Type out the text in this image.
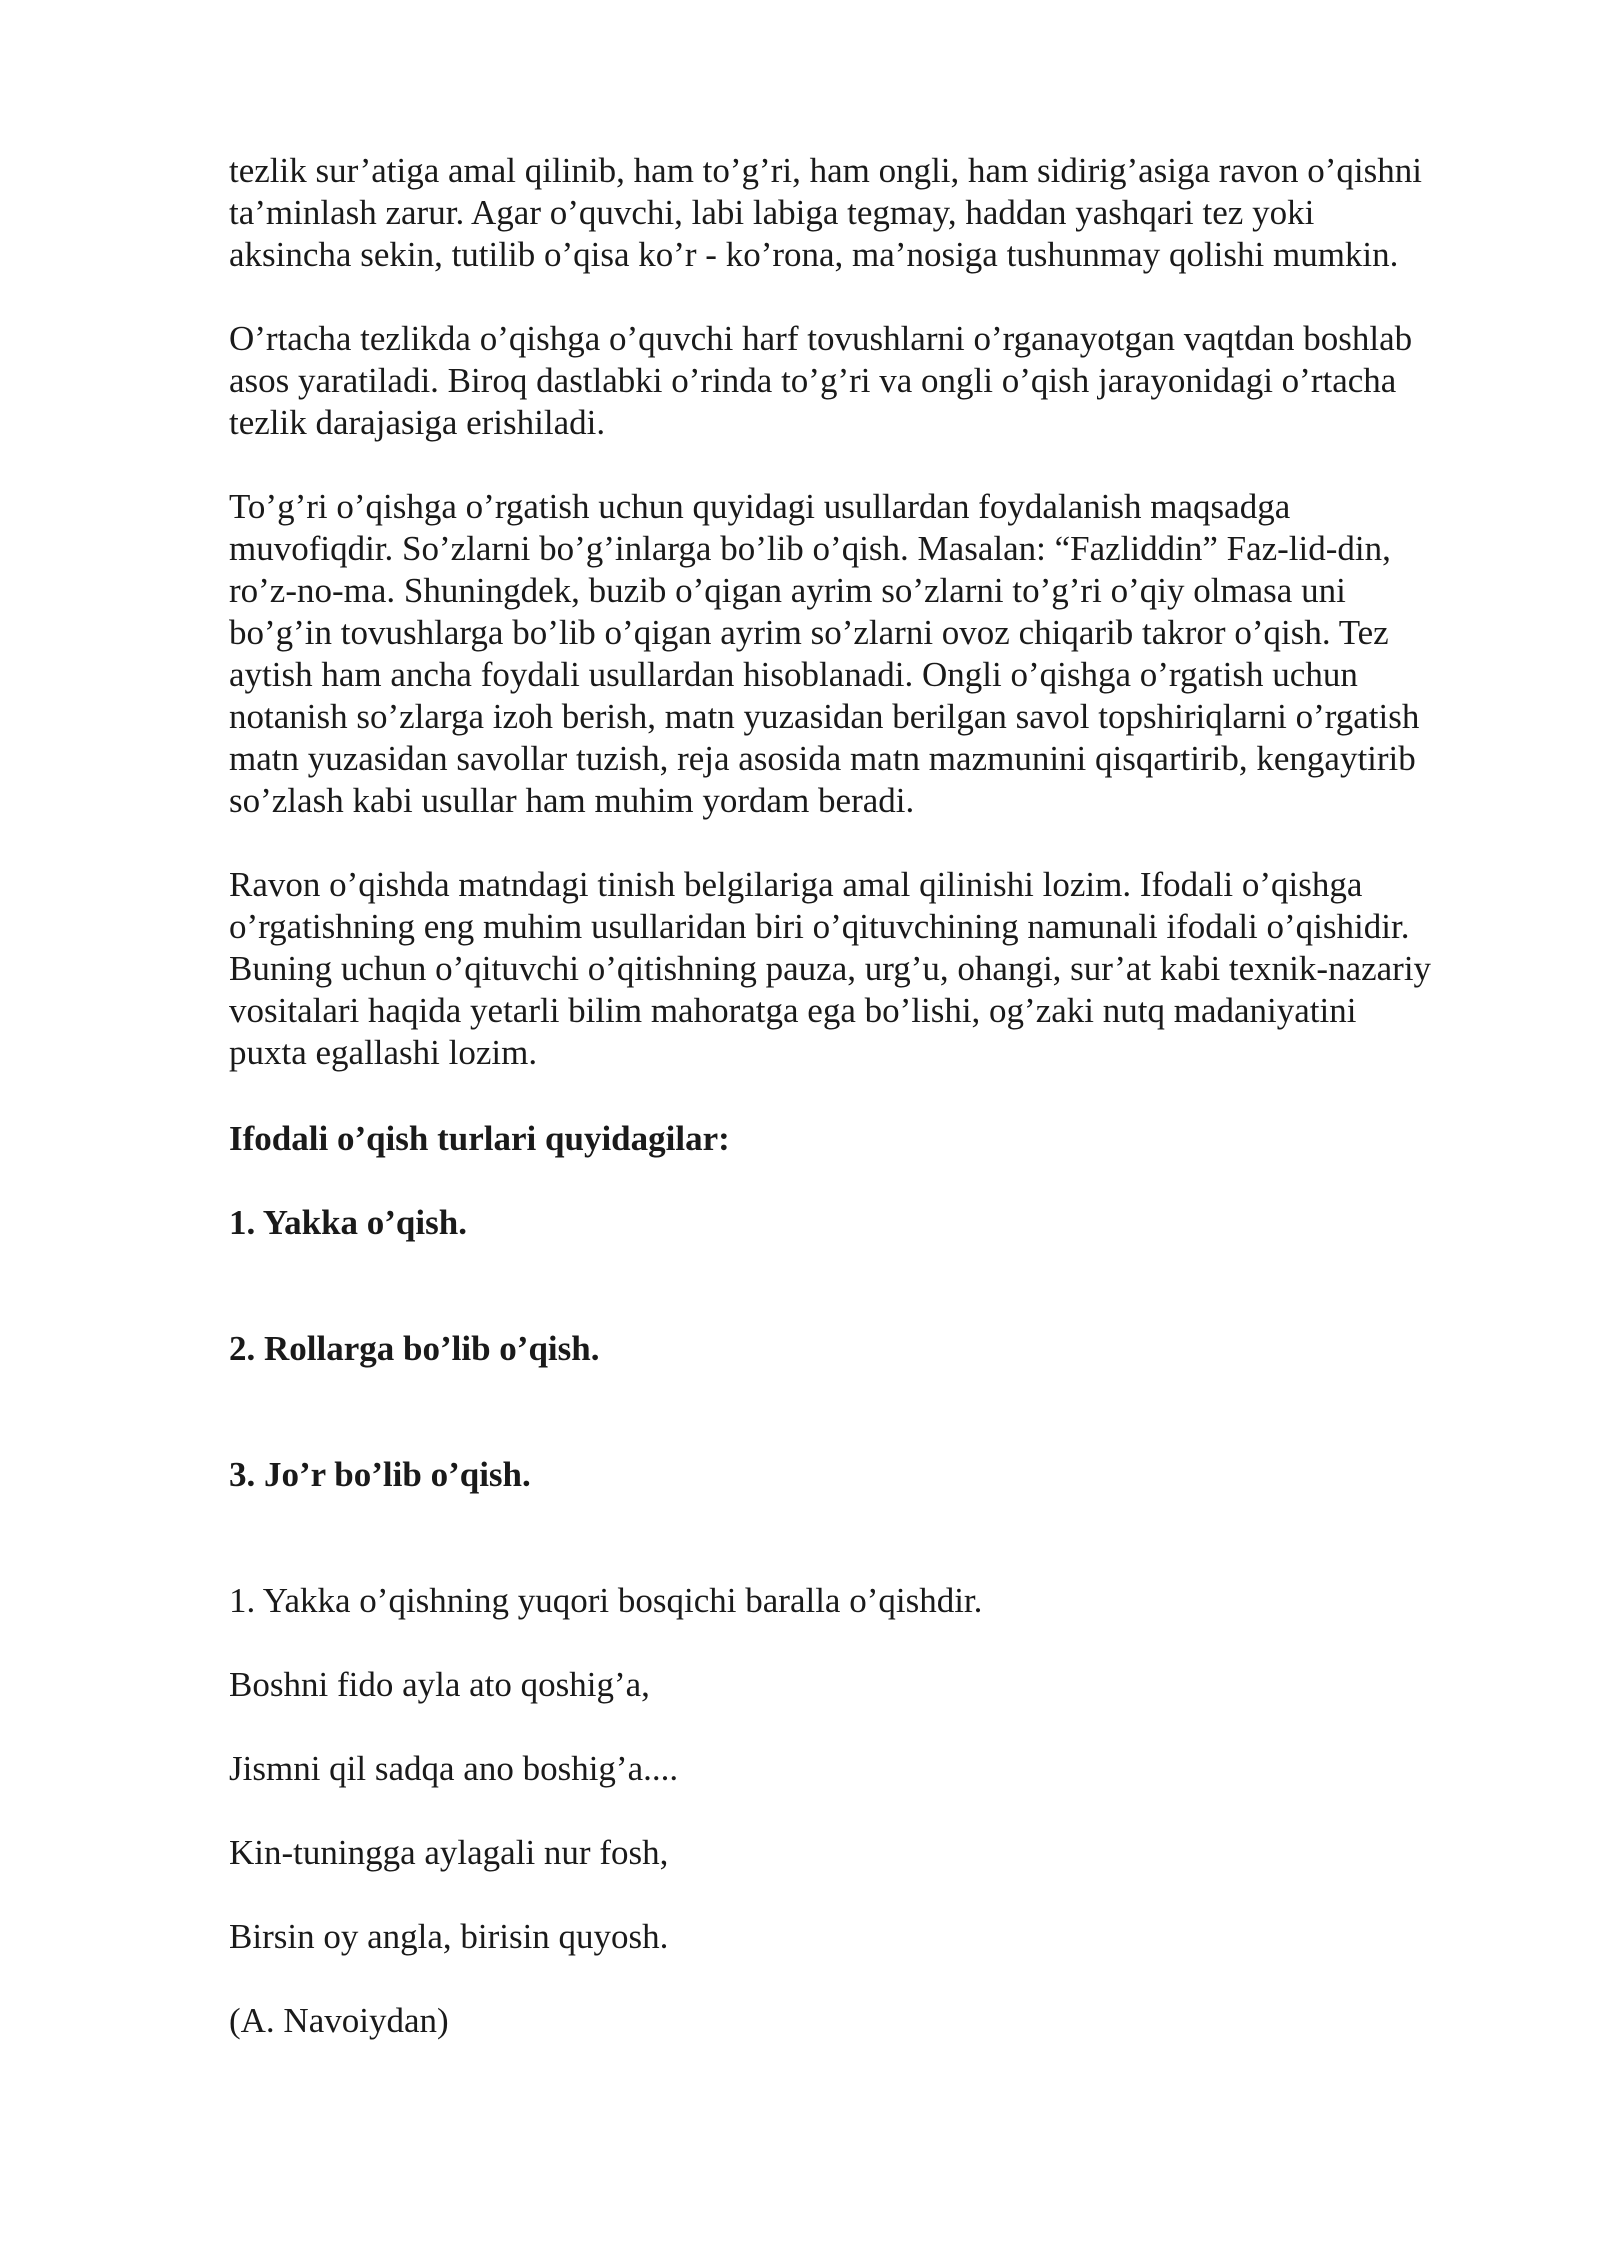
tezlik sur’atiga amal qilinib, ham to’g’ri, ham ongli, ham sidirig’asiga ravon o’qishni
ta’minlash zarur. Agar o’quvchi, labi labiga tegmay, haddan yashqari tez yoki
aksincha sekin, tutilib o’qisa ko’r - ko’rona, ma’nosiga tushunmay qolishi mumkin.

O’rtacha tezlikda o’qishga o’quvchi harf tovushlarni o’rganayotgan vaqtdan boshlab
asos yaratiladi. Biroq dastlabki o’rinda to’g’ri va ongli o’qish jarayonidagi o’rtacha
tezlik darajasiga erishiladi.

To’g’ri o’qishga o’rgatish uchun quyidagi usullardan foydalanish maqsadga
muvofiqdir. So’zlarni bo’g’inlarga bo’lib o’qish. Masalan: “Fazliddin” Faz-lid-din,
ro’z-no-ma. Shuningdek, buzib o’qigan ayrim so’zlarni to’g’ri o’qiy olmasa uni
bo’g’in tovushlarga bo’lib o’qigan ayrim so’zlarni ovoz chiqarib takror o’qish. Tez
aytish ham ancha foydali usullardan hisoblanadi. Ongli o’qishga o’rgatish uchun
notanish so’zlarga izoh berish, matn yuzasidan berilgan savol topshiriqlarni o’rgatish
matn yuzasidan savollar tuzish, reja asosida matn mazmunini qisqartirib, kengaytirib
so’zlash kabi usullar ham muhim yordam beradi.

Ravon o’qishda matndagi tinish belgilariga amal qilinishi lozim. Ifodali o’qishga
o’rgatishning eng muhim usullaridan biri o’qituvchining namunali ifodali o’qishidir.
Buning uchun o’qituvchi o’qitishning pauza, urg’u, ohangi, sur’at kabi texnik-nazariy
vositalari haqida yetarli bilim mahoratga ega bo’lishi, og’zaki nutq madaniyatini
puxta egallashi lozim.

Ifodali o’qish turlari quyidagilar:

1. Yakka o’qish.

2. Rollarga bo’lib o’qish.

3. Jo’r bo’lib o’qish.

1. Yakka o’qishning yuqori bosqichi baralla o’qishdir.

Boshni fido ayla ato qoshig’a,

Jismni qil sadqa ano boshig’a....

Kin-tuningga aylagali nur fosh,

Birsin oy angla, birisin quyosh.

(A. Navoiydan)
